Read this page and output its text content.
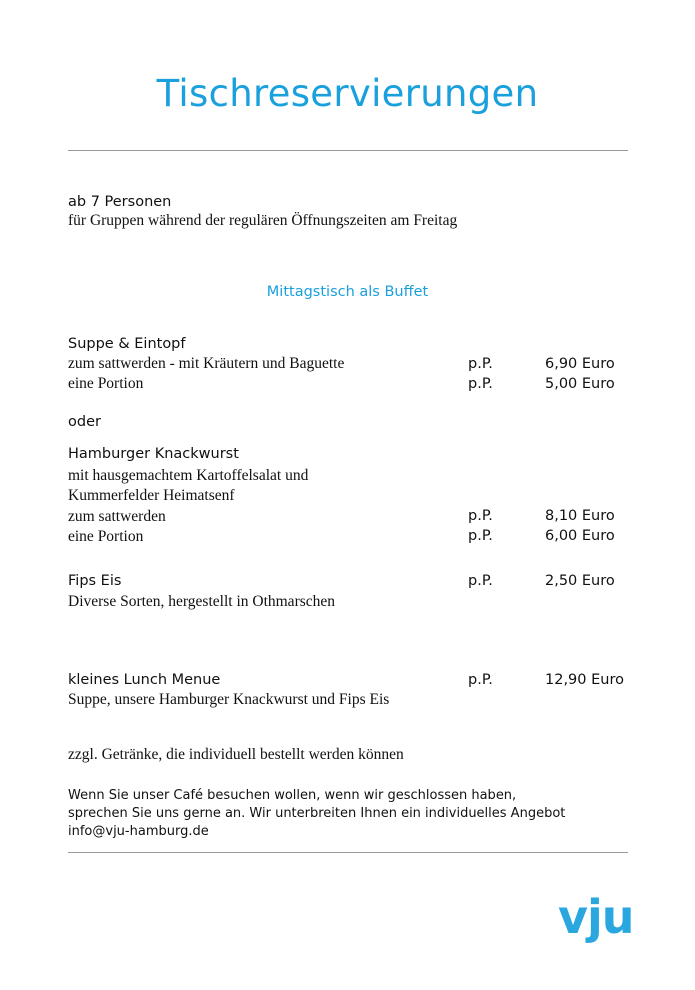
Tischreservierungen
ab 7 Personen
für Gruppen während der regulären Öffnungszeiten am Freitag
Mittagstisch als Buffet
Suppe & Eintopf
zum sattwerden - mit Kräutern und Baguette	p.P.	6,90 Euro
eine Portion	p.P.	5,00 Euro
oder
Hamburger Knackwurst
mit hausgemachtem Kartoffelsalat und
Kummerfelder Heimatsenf
zum sattwerden	p.P.	8,10 Euro
eine Portion	p.P.	6,00 Euro
Fips Eis	p.P.	2,50 Euro
Diverse Sorten, hergestellt in Othmarschen
kleines Lunch Menue	p.P.	12,90 Euro
Suppe, unsere Hamburger Knackwurst und Fips Eis
zzgl. Getränke, die individuell bestellt werden können
Wenn Sie unser Café besuchen wollen, wenn wir geschlossen haben,
sprechen Sie uns gerne an. Wir unterbreiten Ihnen ein individuelles Angebot
info@vju-hamburg.de
vju
